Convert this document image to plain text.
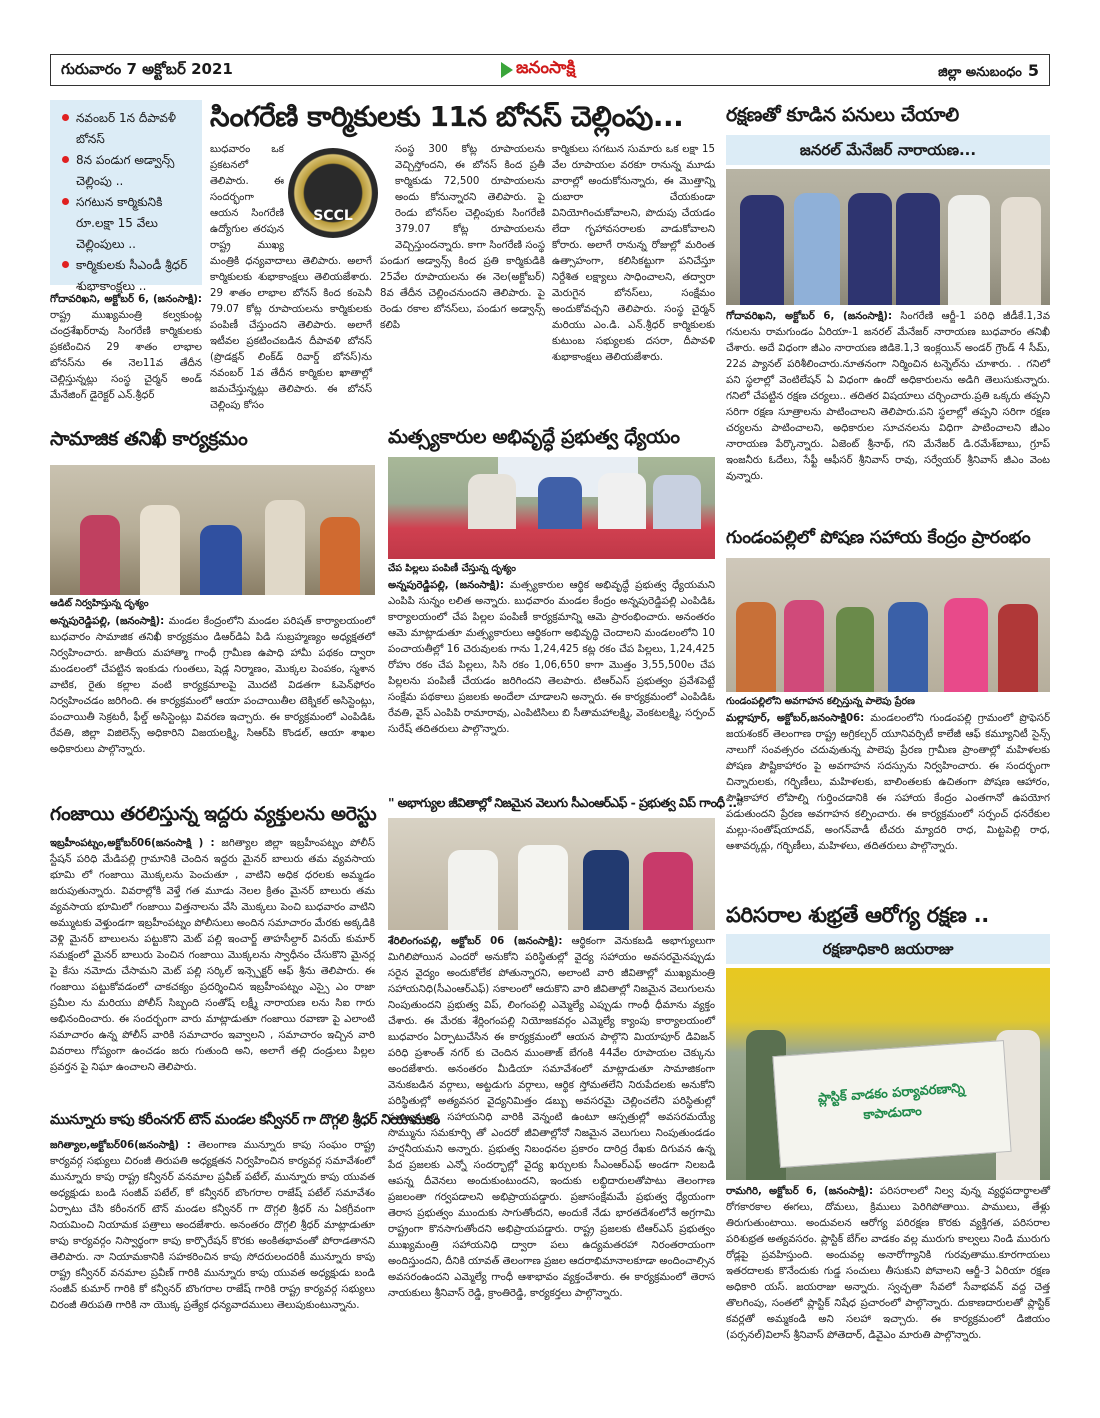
గురువారం 7 అక్టోబర్ 2021	జనంసాక్షి	జిల్లా అనుబంధం 5
నవంబర్ 1న దీపావళీ బోనస్
8న పండుగ అడ్వాన్స్ చెల్లింపు ..
సగటున కార్మికునికి రూ.లక్షా 15 వేలు చెల్లింపులు ..
కార్మికులకు సీఎండీ శ్రీధర్ శుభాకాంక్షలు ..
సింగరేణి కార్మికులకు 11న బోనస్ చెల్లింపు...
గోదావరిఖని, అక్టోబర్ 6, (జనంసాక్షి): రాష్ట్ర ముఖ్యమంత్రి కల్వకుంట్ల చంద్రశేఖర్‌రావు సింగరేణి కార్మికులకు ప్రకటించిన 29 శాతం లాభాల బోనస్‌ను ఈ నెల11వ తేదీన చెల్లిస్తున్నట్లు సంస్థ చైర్మన్ అండ్ మేనేజింగ్ డైరెక్టర్ ఎన్.శ్రీధర్
బుధవారం ఒక ప్రకటనలో తెలిపారు. ఈ సందర్భంగా ఆయన సింగరేణి ఉద్యోగుల తరపున రాష్ట్ర ముఖ్య మంత్రికి ధన్యవాదాలు తెలిపారు. అలాగే కార్మికులకు శుభాకాంక్షలు తెలియజేశారు. 29 శాతం లాభాల బోనస్ కింద కంపెనీ 79.07 కోట్ల రూపాయలను కార్మికులకు పంపిణీ చేస్తుందని తెలిపారు. అలాగే ఇటీవల ప్రకటించబడిన దీపావళి బోనస్ (ప్రొడక్షన్ లింక్‌డ్ రివార్డ్ బోనస్)ను నవంబర్ 1వ తేదీన కార్మికుల ఖాతాల్లో జమచేస్తున్నట్లు తెలిపారు. ఈ బోనస్ చెల్లింపు కోసం
సంస్థ 300 కోట్ల రూపాయలను వెచ్చిస్తోందని, ఈ బోనస్ కింద ప్రతీ కార్మికుడు 72,500 రూపాయలను అందు కోనున్నారని తెలిపారు. పై రెండు బోనస్‌ల చెల్లింపుకు సింగరేణి 379.07 కోట్ల రూపాయలను వెచ్చిస్తుందన్నారు. కాగా సింగరేణి సంస్థ పండుగ అడ్వాన్స్ కింద ప్రతి కార్మికుడికి 25వేల రూపాయలను ఈ నెల(అక్టోబర్) 8వ తేదీన చెల్లించనుందని తెలిపారు. పై రెండు రకాల బోనస్‌లు, పండుగ అడ్వాన్స్ కలిపి
కార్మికులు సగటున సుమారు ఒక లక్షా 15 వేల రూపాయల వరకూ రానున్న మూడు వారాల్లో అందుకోనున్నారు, ఈ మొత్తాన్ని దుబారా చేయకుండా వినియోగించుకోవాలని, పొదుపు చేయడం లేదా గృహావసరాలకు వాడుకోవాలని కోరారు. అలాగే రానున్న రోజుల్లో మరింత ఉత్సాహంగా, కలిసికట్టుగా పనిచేస్తూ నిర్దేశిత లక్ష్యాలు సాధించాలని, తద్వారా మెరుగైన బోనస్‌లు, సంక్షేమం అందుకోవచ్చని తెలిపారు. సంస్థ చైర్మన్ మరియు ఎం.డి. ఎన్.శ్రీధర్ కార్మికులకు కుటుంబ సభ్యులకు దసరా, దీపావళి శుభాకాంక్షలు తెలియజేశారు.
SCCL
సామాజిక తనిఖీ కార్యక్రమం
ఆడిట్ నిర్వహిస్తున్న దృశ్యం
అన్నపురెడ్డిపల్లి, (జనంసాక్షి): మండల కేంద్రంలోని మండల పరిషత్ కార్యాలయంలో బుధవారం సామాజిక తనిఖీ కార్యక్రమం డిఆర్‌డిఏ పిడి సుబ్రహ్మణ్యం అధ్యక్షతలో నిర్వహించారు. జాతీయ మహాత్మా గాంధీ గ్రామీణ ఉపాధి హామీ పథకం ద్వారా మండలంలో చేపట్టిన ఇంకుడు గుంతలు, షెడ్ల నిర్మాణం, మొక్కల పెంపకం, స్మశాన వాటిక, రైతు కల్లాల వంటి కార్యక్రమాలపై మొదటి విడతగా ఓపెన్‌ఫోరం నిర్వహించడం జరిగింది. ఈ కార్యక్రమంలో ఆయా పంచాయితీల టెక్నికల్ అసిస్టెంట్లు, పంచాయితీ సెక్రటరీ, ఫీల్డ్ అసిస్టెంట్లు వివరణ ఇచ్చారు. ఈ కార్యక్రమంలో ఎంపిడిఓ రేవతి, జిల్లా విజిలెన్స్ అధికారిని విజయలక్ష్మి, సిఆర్‌పి కొండల్, ఆయా శాఖల అధికారులు పాల్గొన్నారు.
గంజాయి తరలిస్తున్న ఇద్దరు వ్యక్తులను అరెస్టు
ఇబ్రహీంపట్నం,అక్టోబర్06(జనంసాక్షి ) : జగిత్యాల జిల్లా ఇబ్రహీంపట్నం పోలీస్ స్టేషన్ పరిధి మేడిపల్లి గ్రామానికి చెందిన ఇద్దరు మైనర్ బాలురు తమ వ్యవసాయ భూమి లో గంజాయి మొక్కలను పెంచుతూ , వాటిని అధిక ధరలకు అమ్మడం జరుపుతున్నారు. వివరాల్లోకి వెళ్తే గత మూడు నెలల క్రితం మైనర్ బాలురు తమ వ్యవసాయ భూమిలో గంజాయి విత్తనాలను వేసి మొక్కలు పెంచి బుధవారం వాటిని అమ్ముటకు వెళ్తుండగా ఇబ్రహీంపట్నం పోలీసులు అందిన సమాచారం మేరకు అక్కడికి వెళ్లి మైనర్ బాలులను పట్టుకొని మెట్ పల్లి ఇంచార్జ్ తాహసీల్దార్ వినయ్ కుమార్ సమక్షంలో మైనర్ బాలురు పెంచిన గంజాయి మొక్కలను స్వాధీనం చేసుకొని మైనర్ల పై కేసు నమోదు చేసామని మెట్ పల్లి సర్కిల్ ఇన్స్పెక్టర్ ఆఫ్ శ్రీను తెలిపారు. ఈ గంజాయి పట్టుకోవడంలో చాకచక్యం ప్రదర్శించిన ఇబ్రహీంపట్నం ఎస్సై ఎం రాజా ప్రమీల ను మరియు పోలీస్ సిబ్బంది సంతోష్ లక్ష్మీ నారాయణ లను సిఐ గారు అభినందించారు. ఈ సందర్భంగా వారు మాట్లాడుతూ గంజాయి రవాణా పై ఎలాంటి సమాచారం ఉన్న పోలీస్ వారికి సమాచారం ఇవ్వాలని , సమాచారం ఇచ్చిన వారి వివరాలు గోప్యంగా ఉంచడం జరు గుతుంది అని, అలాగే తల్లి దండ్రులు పిల్లల ప్రవర్తన పై నిఘా ఉంచాలని తెలిపారు.
మున్నూరు కాపు కరీంనగర్ టౌన్ మండల కన్వీనర్ గా దొగ్గలి శ్రీధర్ నియామకం
జగిత్యాల,అక్టోబర్06(జనంసాక్షి) : తెలంగాణ మున్నూరు కాపు సంఘం రాష్ట్ర కార్యవర్గ సభ్యులు చిరంజీ తిరుపతి అధ్యక్షతన నిర్వహించిన కార్యవర్గ సమావేశంలో మున్నూరు కాపు రాష్ట్ర కన్వీనర్ వనమాల ప్రవీణ్ పటేల్, మున్నూరు కాపు యువత అధ్యక్షుడు బండి సంజీవ్ పటేల్, కో కన్వీనర్ బొంగరాల రాజేష్ పటేల్ సమావేశం ఏర్పాటు చేసి కరీంనగర్ టౌన్ మండల కన్వీనర్ గా దొగ్గలి శ్రీధర్ ను ఏకగ్రీవంగా నియమించి నియామక పత్రాలు అందజేశారు. అనంతరం దొగ్గలి శ్రీధర్ మాట్లాడుతూ కాపు కార్యవర్గం నిస్వార్థంగా కాపు కార్పొరేషన్ కొరకు అంకితభావంతో పోరాడతానని తెలిపారు. నా నియామకానికి సహకరించిన కాపు సోదరులందరికీ మున్నూరు కాపు రాష్ట్ర కన్వీనర్ వనమాల ప్రవీణ్ గారికి మున్నూరు కాపు యువత అధ్యక్షుడు బండి సంజీవ్ కుమార్ గారికి కో కన్వీనర్ బొంగరాల రాజేష్ గారికి రాష్ట్ర కార్యవర్గ సభ్యులు చిరంజీ తిరుపతి గారికి నా యొక్క ప్రత్యేక ధన్యవాదములు తెలుపుకుంటున్నాను.
మత్స్యకారుల అభివృద్ధే ప్రభుత్వ ధ్యేయం
చేప పిల్లలు పంపిణీ చేస్తున్న దృశ్యం
అన్నపురెడ్డిపల్లి, (జనంసాక్షి): మత్స్యకారుల ఆర్థిక అభివృద్ధే ప్రభుత్వ ధ్యేయమని ఎంపిపి సున్నం లలిత అన్నారు. బుధవారం మండల కేంద్రం అన్నపురెడ్డిపల్లి ఎంపిడిఓ కార్యాలయంలో చేప పిల్లల పంపిణీ కార్యక్రమాన్ని ఆమె ప్రారంభించారు. అనంతరం ఆమె మాట్లాడుతూ మత్స్యకారులు ఆర్థికంగా అభివృద్ధి చెందాలని మండలంలోని 10 పంచాయతీల్లో 16 చెరువులకు గాను 1,24,425 కట్ల రకం చేప పిల్లలు, 1,24,425 రోహు రకం చేప పిల్లలు, సిసి రకం 1,06,650 కాగా మొత్తం 3,55,500ల చేప పిల్లలను పంపిణీ చేయడం జరిగిందని తెలపారు. టిఆర్ఎస్ ప్రభుత్వం ప్రవేశపెట్టే సంక్షేమ పథకాలు ప్రజలకు అందేలా చూడాలని అన్నారు. ఈ కార్యక్రమంలో ఎంపిడిఓ రేవతి, వైస్ ఎంపిపి రామారావు, ఎంపిటిసిలు బి సీతామహాలక్ష్మి, వెంకటలక్ష్మి, సర్పంచ్ సురేష్ తదితరులు పాల్గొన్నారు.
" అభాగ్యుల జీవితాల్లో నిజమైన వెలుగు సీఎంఆర్ఎఫ్ - ప్రభుత్వ విప్ గాంధీ .."
శేరిలింగంపల్లి, అక్టోబర్ 06 (జనంసాక్షి): ఆర్థికంగా వెనుకబడి అభాగ్యులుగా మిగిలిపోయిన ఎందరో అనుకోని పరిస్థితుల్లో వైద్య సహాయం అవసరమైనప్పుడు సరైన వైద్యం అందుకోలేక పోతున్నారని, అలాంటి వారి జీవితాల్లో ముఖ్యమంత్రి సహాయనిధి(సీఎంఆర్ఎఫ్) సకాలంలో ఆదుకొని వారి జీవితాల్లో నిజమైన వెలుగులను నింపుతుందని ప్రభుత్వ విప్, లింగంపల్లి ఎమ్మెల్యే ఎప్పుడు గాంధీ ధీమాను వ్యక్తం చేశారు. ఈ మేరకు శేర్లింగంపల్లి నియోజకవర్గం ఎమ్మెల్యే క్యాంపు కార్యాలయంలో బుధవారం ఏర్పాటుచేసిన ఈ కార్యక్రమంలో ఆయన పాల్గొని మియాపూర్ డివిజన్ పరిధి ప్రశాంత్ నగర్ కు చెందిన ముంతాజ్ బేగంకి 44వేల రూపాయల చెక్కును అందజేశారు. అనంతరం మీడియా సమావేశంలో మాట్లాడుతూ సామాజికంగా వెనుకబడిన వర్గాలు, అట్టడుగు వర్గాలు, ఆర్థిక స్తోమతలేని నిరుపేదలకు అనుకోని పరిస్థితుల్లో అత్యవసర వైద్యనిమిత్తం డబ్బు అవసరమై చెల్లించలేని పరిస్థితుల్లో ముఖ్యమంత్రి సహాయనిధి వారికి వెన్నంటి ఉంటూ ఆస్పత్రుల్లో అవసరమయ్యే సొమ్మును సమకూర్చి తో ఎందరో జీవితాల్లోనో నిజమైన వెలుగులు నింపుతుండడం హర్షనీయమని అన్నారు. ప్రభుత్వ నిబంధనల ప్రకారం దారిద్ర రేఖకు దిగువన ఉన్న పేద ప్రజలకు ఎన్నో సందర్భాల్లో వైద్య ఖర్చులకు సీఎంఆర్ఎఫ్ అండగా నిలబడి ఆపన్న దీవెనలు అందుకుంటుందని, ఇందుకు లబ్ధిదారులతోపాటు తెలంగాణ ప్రజలంతా గర్వపడాలని అభిప్రాయపడ్డారు. ప్రజాసంక్షేమమే ప్రభుత్వ ధ్యేయంగా తెరాస ప్రభుత్వం ముందుకు సాగుతోందని, అందుకే నేడు భారతదేశంలోనే అగ్రగామి రాష్ట్రంగా కొనసాగుతోందని అభిప్రాయపడ్డారు. రాష్ట్ర ప్రజలకు టిఆర్ఎస్ ప్రభుత్వం ముఖ్యమంత్రి సహాయనిధి ద్వారా పలు ఉద్యమతరహా నిరంతరాయంగా అందిస్తుందని, దీనికి యావత్ తెలంగాణ ప్రజల ఆదరాభిమానాలకూడా అందించాల్సిన అవసరంఉందని ఎమ్మెల్యే గాంధీ ఆశాభావం వ్యక్తంచేశారు. ఈ కార్యక్రమంలో తెరాస నాయకులు శ్రీనివాస్ రెడ్డి, క్రాంతిరెడ్డి, కార్యకర్తలు పాల్గొన్నారు.
రక్షణతో కూడిన పనులు చేయాలి
జనరల్ మేనేజర్ నారాయణ...
గోదావరిఖని, అక్టోబర్ 6, (జనంసాక్షి): సింగరేణి ఆర్జీ-1 పరిధి జీడీకే.1,3వ గనులను రామగుండం ఏరియా-1 జనరల్ మేనేజర్ నారాయణ బుధవారం తనిఖీ చేశారు. అదే విధంగా జీఎం నారాయణ జిడికె.1,3 ఇంక్లయిన్ అండర్ గ్రౌండ్ 4 సీమ్, 22వ ప్యానల్ పరిశీలించారు.నూతనంగా నిర్మించిన టన్నెల్‌ను చూశారు. . గనిలో పని స్థలాల్లో వెంటిలేషన్ ఏ విధంగా ఉందో అధికారులను అడిగి తెలుసుకున్నారు. గనిలో చేపట్టిన రక్షణ చర్యలు.. తదితర విషయాలు చర్చించారు.ప్రతి ఒక్కరు తప్పని సరిగా రక్షణ సూత్రాలను పాటించాలని తెలిపారు.పని స్థలాల్లో తప్పని సరిగా రక్షణ చర్యలను పాటించాలని, అధికారుల సూచనలను విధిగా పాటించాలని జీఎం నారాయణ పేర్కొన్నారు. ఏజెంట్ శ్రీనాథ్, గని మేనేజర్ డి.రమేశ్‌బాబు, గ్రూప్ ఇంజనీరు ఓదేలు, సేఫ్టీ ఆఫీసర్ శ్రీనివాస్ రావు, సర్వేయర్ శ్రీనివాస్ జీఎం వెంట వున్నారు.
గుండంపల్లిలో పోషణ సహాయ కేంద్రం ప్రారంభం
గుండంపల్లిలోని అవగాహన కల్పిస్తున్న పాలెపు ప్రేరణ
మల్లాపూర్, అక్టోబర్,జనంసాక్షి06: మండలంలోని గుండంపల్లి గ్రామంలో ప్రొఫెసర్ జయశంకర్ తెలంగాణ రాష్ట్ర అగ్రికల్చర్ యూనివర్సిటీ కాలేజీ ఆఫ్ కమ్యూనిటీ సైన్స్ నాలుగో సంవత్సరం చదువుతున్న పాలెపు ప్రేరణ గ్రామీణ ప్రాంతాల్లో మహిళలకు పోషణ పౌష్టికాహారం పై అవగాహన సదస్సును నిర్వహించారు. ఈ సందర్భంగా చిన్నారులకు, గర్భిణీలు, మహిళలకు, బాలింతలకు ఉచితంగా పోషణ ఆహారం, పౌష్టికాహార లోపాల్ని గుర్తించడానికి ఈ సహాయ కేంద్రం ఎంతగానో ఉపయోగ పడుతుందని ప్రేరణ అవగాహన కల్పించారు. ఈ కార్యక్రమంలో సర్పంచ్ ధనరేకుల మల్లు-సంతోష్‌యాదవ్, అంగన్‌వాడీ టీచరు మ్యాదరి రాధ, మిట్టపెల్లి రాధ, ఆశావర్కర్లు, గర్భిణీలు, మహిళలు, తదితరులు పాల్గొన్నారు.
పరిసరాల శుభ్రతే ఆరోగ్య రక్షణ ..
రక్షణాధికారి జయరాజు
ప్లాస్టిక్ వాడకం పర్యావరణాన్ని కాపాడుదాం
రామగిరి, అక్టోబర్ 6, (జనంసాక్షి): పరిసరాలలో నిల్వ వున్న వ్యర్థపదార్థాలతో రోగకారకాల ఈగలు, దోమలు, క్రిములు పెరిగిపోతాయి. పాములు, తేళ్లు తిరుగుతుంటాయి. అందువలన ఆరోగ్య పరిరక్షణ కొరకు వ్యక్తిగత, పరిసరాల పరిశుభ్రత అత్యవసరం. ప్లాస్టిక్ బేగ్‌ల వాడకం వల్ల మురుగు కాల్వలు నిండి మురుగు రోడ్లపై ప్రవహిస్తుంది. అందువల్ల అనారోగ్యానికి గురవుతాము.కూరగాయలు ఇతరదాలకు కొనేందుకు గుడ్డ సంచులు తీసుకుని పోవాలని ఆర్జీ-3 ఏరియా రక్షణ అధికారి యస్. జయరాజు అన్నారు. స్వచ్ఛతా సేవలో సేవాభవన్ వద్ద చెత్త తొలగింపు, సంతలో ప్లాస్టిక్ నిషేధ ప్రచారంలో పాల్గొన్నారు. దుకాణదారులతో ప్లాస్టిక్ కవర్లతో అమ్మకండి అని సలహా ఇచ్చారు. ఈ కార్యక్రమంలో డిజియం (పర్సనల్)విలాస్ శ్రీనివాస్ పోతెదార్, డివైఎం మారుతి పాల్గొన్నారు.
